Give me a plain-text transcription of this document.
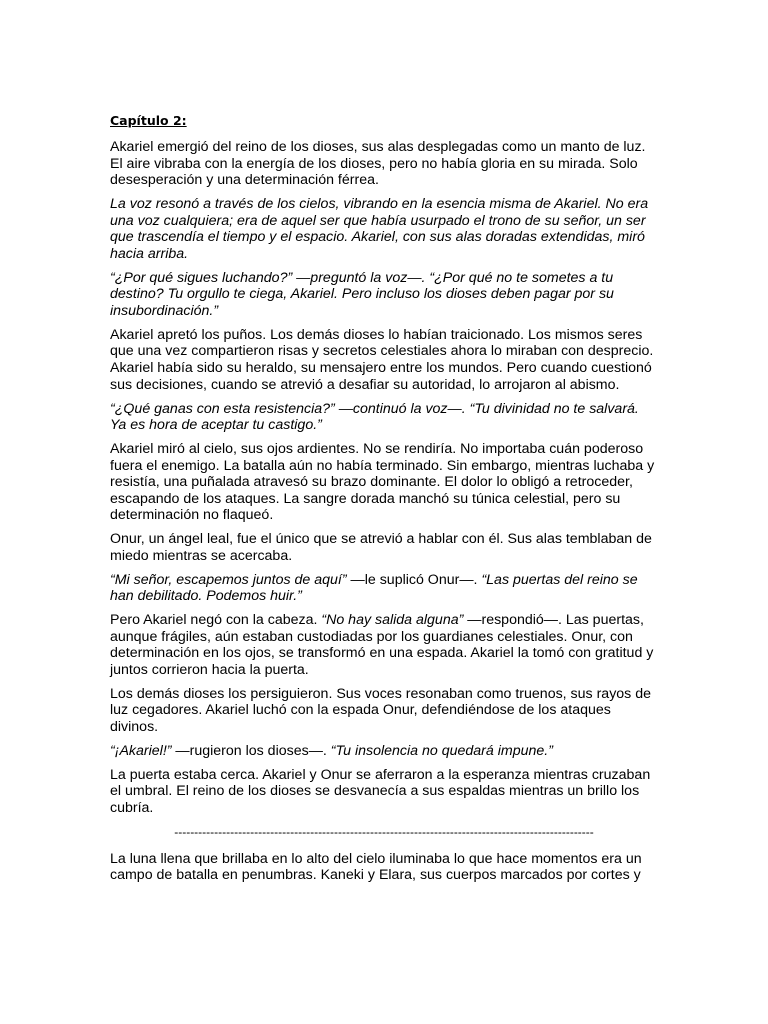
Capítulo 2:

Akariel emergió del reino de los dioses, sus alas desplegadas como un manto de luz. El aire vibraba con la energía de los dioses, pero no había gloria en su mirada. Solo desesperación y una determinación férrea.

La voz resonó a través de los cielos, vibrando en la esencia misma de Akariel. No era una voz cualquiera; era de aquel ser que había usurpado el trono de su señor, un ser que trascendía el tiempo y el espacio. Akariel, con sus alas doradas extendidas, miró hacia arriba.

“¿Por qué sigues luchando?” —preguntó la voz—. “¿Por qué no te sometes a tu destino? Tu orgullo te ciega, Akariel. Pero incluso los dioses deben pagar por su insubordinación.”

Akariel apretó los puños. Los demás dioses lo habían traicionado. Los mismos seres que una vez compartieron risas y secretos celestiales ahora lo miraban con desprecio. Akariel había sido su heraldo, su mensajero entre los mundos. Pero cuando cuestionó sus decisiones, cuando se atrevió a desafiar su autoridad, lo arrojaron al abismo.

“¿Qué ganas con esta resistencia?” —continuó la voz—. “Tu divinidad no te salvará. Ya es hora de aceptar tu castigo.”

Akariel miró al cielo, sus ojos ardientes. No se rendiría. No importaba cuán poderoso fuera el enemigo. La batalla aún no había terminado. Sin embargo, mientras luchaba y resistía, una puñalada atravesó su brazo dominante. El dolor lo obligó a retroceder, escapando de los ataques. La sangre dorada manchó su túnica celestial, pero su determinación no flaqueó.

Onur, un ángel leal, fue el único que se atrevió a hablar con él. Sus alas temblaban de miedo mientras se acercaba.

“Mi señor, escapemos juntos de aquí” —le suplicó Onur—. “Las puertas del reino se han debilitado. Podemos huir.”

Pero Akariel negó con la cabeza. “No hay salida alguna” —respondió—. Las puertas, aunque frágiles, aún estaban custodiadas por los guardianes celestiales. Onur, con determinación en los ojos, se transformó en una espada. Akariel la tomó con gratitud y juntos corrieron hacia la puerta.

Los demás dioses los persiguieron. Sus voces resonaban como truenos, sus rayos de luz cegadores. Akariel luchó con la espada Onur, defendiéndose de los ataques divinos.

“¡Akariel!” —rugieron los dioses—. “Tu insolencia no quedará impune.”

La puerta estaba cerca. Akariel y Onur se aferraron a la esperanza mientras cruzaban el umbral. El reino de los dioses se desvanecía a sus espaldas mientras un brillo los cubría.

---------------------------------------------------------------------------------------------------------

La luna llena que brillaba en lo alto del cielo iluminaba lo que hace momentos era un campo de batalla en penumbras. Kaneki y Elara, sus cuerpos marcados por cortes y
